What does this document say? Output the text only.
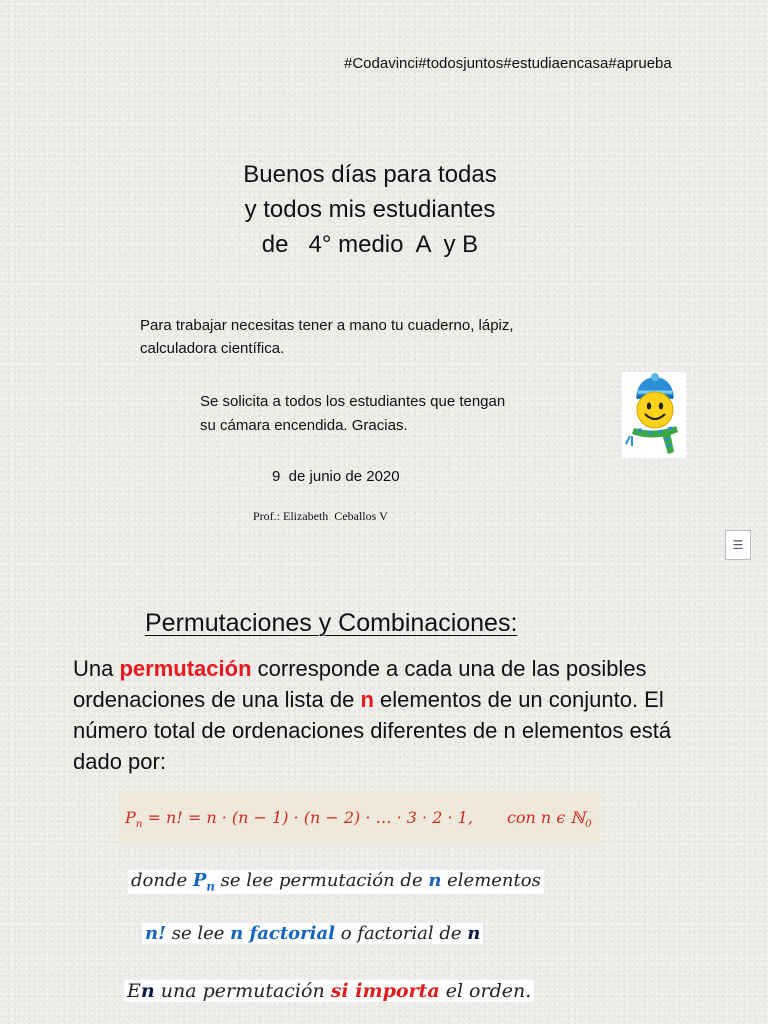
#Codavinci#todosjuntos#estudiaencasa#aprueba
Buenos días para todas
y todos mis estudiantes
de   4° medio  A  y B
Para trabajar necesitas tener a mano tu cuaderno, lápiz,
calculadora científica.
Se solicita a todos los estudiantes que tengan
su cámara encendida. Gracias.
9  de junio de 2020
Prof.: Elizabeth  Ceballos V
☰
Permutaciones y Combinaciones:
Una permutación corresponde a cada una de las posibles ordenaciones de una lista de n elementos de un conjunto. El número total de ordenaciones diferentes de n elementos está dado por:
$P_n = n$! = n · (n − 1) · (n − 2) · … · 3 · 2 · 1, con n ϵ ℕ$_0$
donde $P_n$ se lee permutación de n elementos
n! se lee n factorial o factorial de n
En una permutación si importa el orden.
